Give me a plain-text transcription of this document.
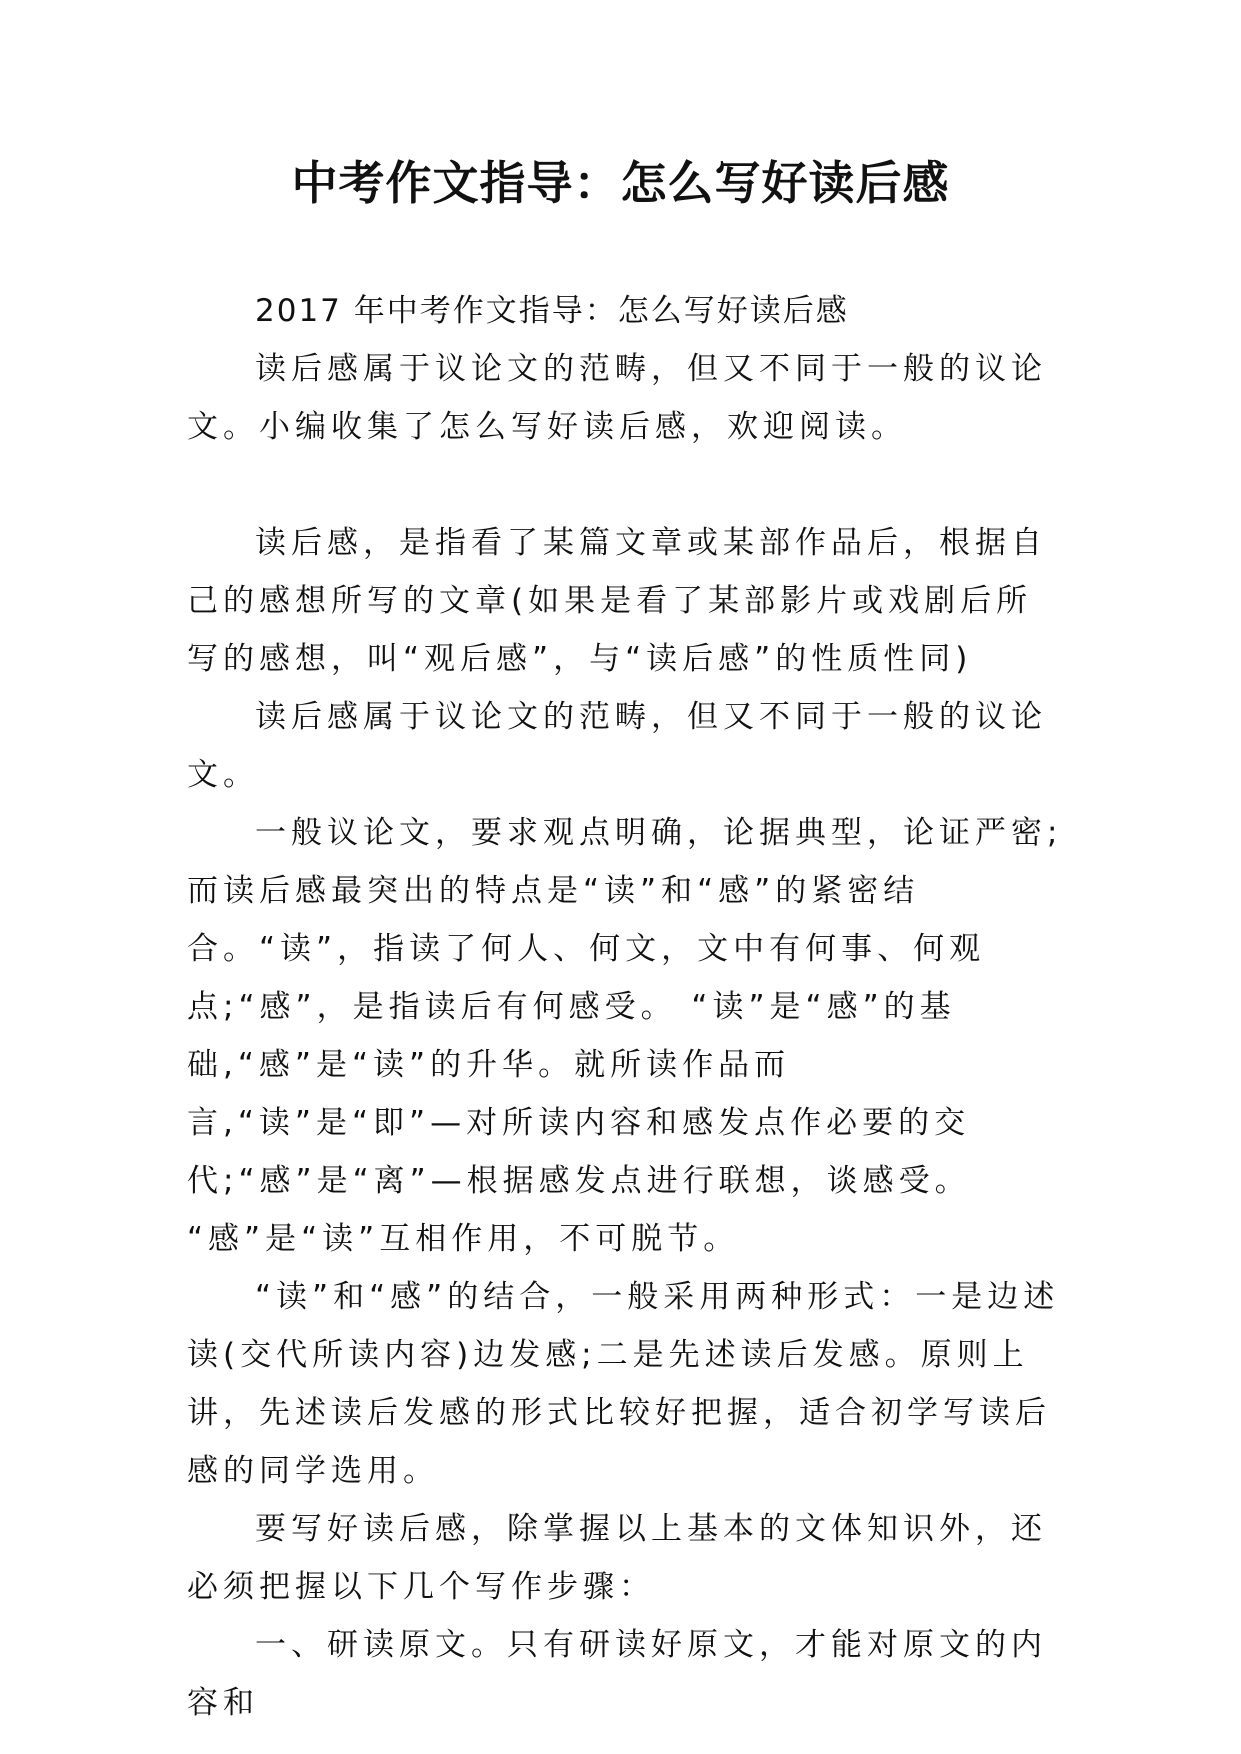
中考作文指导：怎么写好读后感

2017 年中考作文指导：怎么写好读后感

读后感属于议论文的范畴，但又不同于一般的议论文。小编收集了怎么写好读后感，欢迎阅读。

读后感，是指看了某篇文章或某部作品后，根据自己的感想所写的文章(如果是看了某部影片或戏剧后所写的感想，叫“观后感”，与“读后感”的性质性同)

读后感属于议论文的范畴，但又不同于一般的议论文。

一般议论文，要求观点明确，论据典型，论证严密;而读后感最突出的特点是“读”和“感”的紧密结合。“读”，指读了何人、何文，文中有何事、何观点;“感”，是指读后有何感受。 “读”是“感”的基础,“感”是“读”的升华。就所读作品而言,“读”是“即”—对所读内容和感发点作必要的交代;“感”是“离”—根据感发点进行联想，谈感受。 “感”是“读”互相作用，不可脱节。

“读”和“感”的结合，一般采用两种形式：一是边述读(交代所读内容)边发感;二是先述读后发感。原则上讲，先述读后发感的形式比较好把握，适合初学写读后感的同学选用。

要写好读后感，除掌握以上基本的文体知识外，还必须把握以下几个写作步骤：

一、研读原文。只有研读好原文，才能对原文的内容和
